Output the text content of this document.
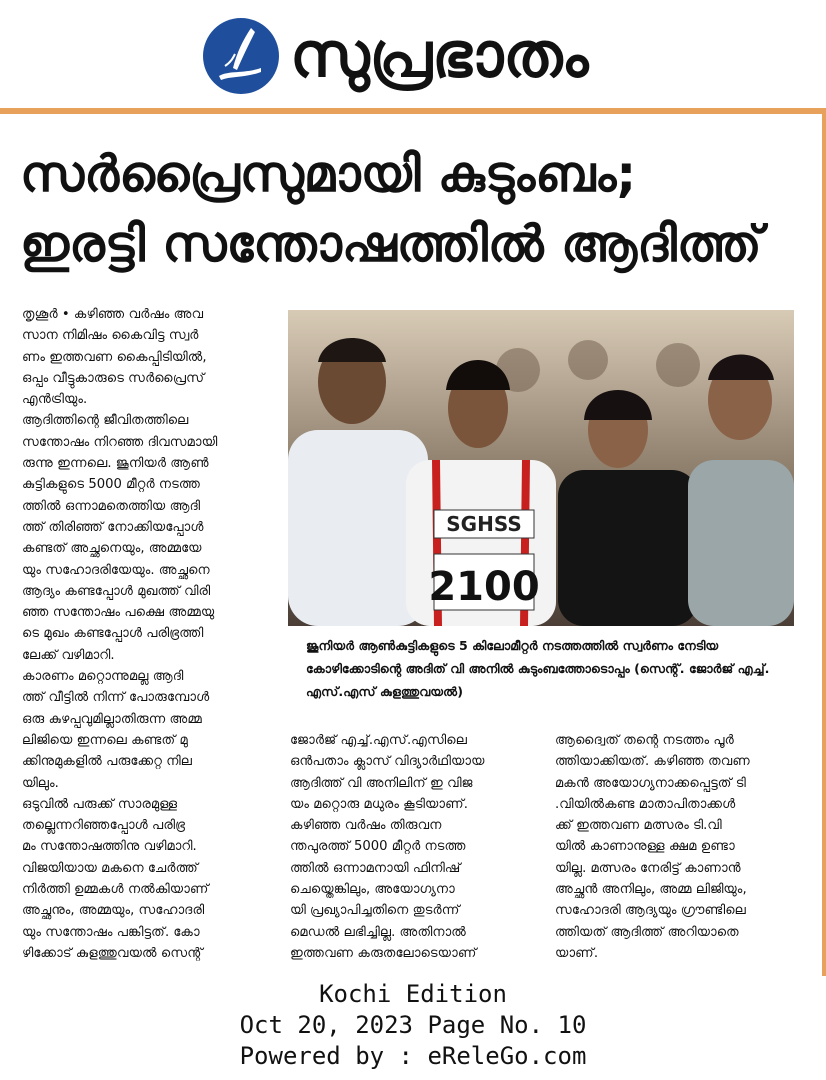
സുപ്രഭാതം
സർപ്രൈസുമായി കുടുംബം;
ഇരട്ടി സന്തോഷത്തിൽ ആദിത്ത്
തൃശൂർ • കഴിഞ്ഞ വർഷം അവ
സാന നിമിഷം കൈവിട്ട സ്വർ
ണം ഇത്തവണ കൈപ്പിടിയിൽ,
ഒപ്പം വീട്ടുകാരുടെ സർപ്രൈസ്
എൻട്രിയും.
ആദിത്തിന്റെ ജീവിതത്തിലെ
സന്തോഷം നിറഞ്ഞ ദിവസമായി
രുന്നു ഇന്നലെ. ജൂനിയർ ആൺ
കുട്ടികളുടെ 5000 മീറ്റർ നടത്ത
ത്തിൽ ഒന്നാമതെത്തിയ ആദി
ത്ത് തിരിഞ്ഞ് നോക്കിയപ്പോൾ
കണ്ടത് അച്ഛനെയും, അമ്മയേ
യും സഹോദരിയേയും. അച്ഛനെ
ആദ്യം കണ്ടപ്പോൾ മുഖത്ത് വിരി
ഞ്ഞ സന്തോഷം പക്ഷെ അമ്മയു
ടെ മുഖം കണ്ടപ്പോൾ പരിഭ്രത്തി
ലേക്ക് വഴിമാറി.
കാരണം മറ്റൊന്നുമല്ല ആദി
ത്ത് വീട്ടിൽ നിന്ന് പോരുമ്പോൾ
ഒരു കുഴപ്പവുമില്ലാതിരുന്ന അമ്മ
ലിജിയെ ഇന്നലെ കണ്ടത് മു
ക്കിനുമുകളിൽ പരുക്കേറ്റ നില
യിലും.
ഒടുവിൽ പരുക്ക് സാരമുള്ള
തല്ലെന്നറിഞ്ഞപ്പോൾ പരിഭ്ര
മം സന്തോഷത്തിനു വഴിമാറി.
വിജയിയായ മകനെ ചേർത്ത്
നിർത്തി ഉമ്മകൾ നൽകിയാണ്
അച്ഛനും, അമ്മയും, സഹോദരി
യും സന്തോഷം പങ്കിട്ടത്. കോ
ഴിക്കോട് കുളത്തുവയൽ സെന്റ്
SGHSS
2100
ജൂനിയർ ആൺകുട്ടികളുടെ 5 കിലോമീറ്റർ നടത്തത്തിൽ സ്വർണം നേടിയ
കോഴിക്കോടിന്റെ അദിത് വി അനിൽ കുടുംബത്തോടൊപ്പം (സെന്റ്. ജോർജ് എച്ച്.
എസ്.എസ് കുളത്തുവയൽ)
ജോർജ് എച്ച്.എസ്.എസിലെ
ഒൻപതാം ക്ലാസ് വിദ്യാർഥിയായ
ആദിത്ത് വി അനിലിന് ഇ വിജ
യം മറ്റൊരു മധുരം കൂടിയാണ്.
കഴിഞ്ഞ വർഷം തിരുവന
ന്തപുരത്ത് 5000 മീറ്റർ നടത്ത
ത്തിൽ ഒന്നാമനായി ഫിനിഷ്
ചെയ്തെങ്കിലും, അയോഗ്യനാ
യി പ്രഖ്യാപിച്ചതിനെ തുടർന്ന്
മെഡൽ ലഭിച്ചില്ല. അതിനാൽ
ഇത്തവണ കരുതലോടെയാണ്
ആദ്വൈത് തന്റെ നടത്തം പൂർ
ത്തിയാക്കിയത്. കഴിഞ്ഞ തവണ
മകൻ അയോഗ്യനാക്കപ്പെട്ടത് ടി
.വിയിൽകണ്ട മാതാപിതാക്കൾ
ക്ക് ഇത്തവണ മത്സരം ടി.വി
യിൽ കാണാനുള്ള ക്ഷമ ഉണ്ടാ
യില്ല. മത്സരം നേരിട്ട് കാണാൻ
അച്ഛൻ അനിലും, അമ്മ ലിജിയും,
സഹോദരി ആദ്യയും ഗ്രൗണ്ടിലെ
ത്തിയത് ആദിത്ത് അറിയാതെ
യാണ്.
Kochi Edition
Oct 20, 2023 Page No. 10
Powered by : eReleGo.com
